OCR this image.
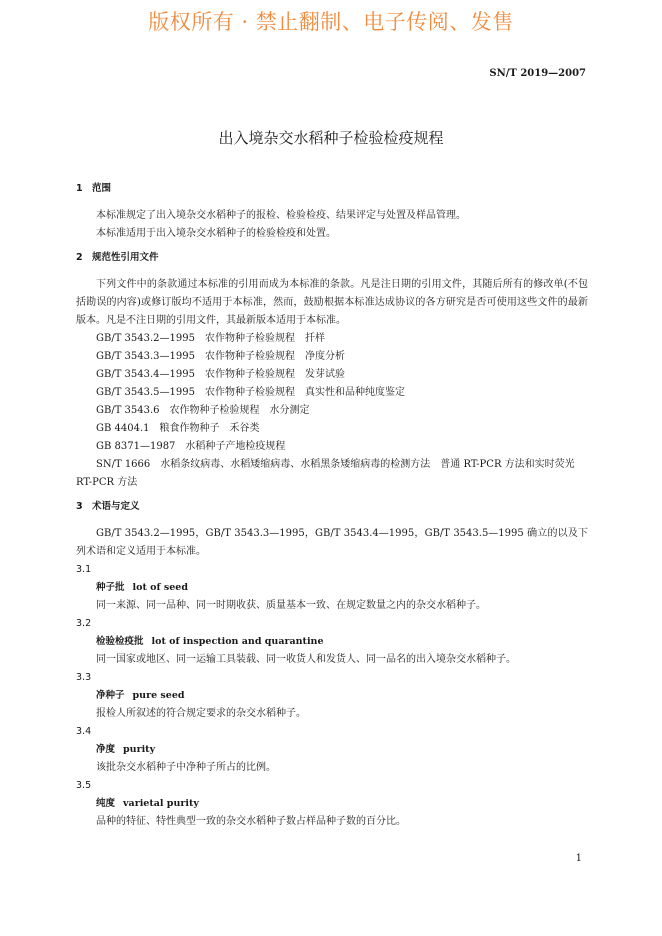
版权所有 · 禁止翻制、电子传阅、发售
SN/T 2019—2007
出入境杂交水稻种子检验检疫规程

1 范围

本标准规定了出入境杂交水稻种子的报检、检验检疫、结果评定与处置及样品管理。

本标准适用于出入境杂交水稻种子的检验检疫和处置。

2 规范性引用文件

下列文件中的条款通过本标准的引用而成为本标准的条款。凡是注日期的引用文件，其随后所有的修改单(不包括勘误的内容)或修订版均不适用于本标准，然而，鼓励根据本标准达成协议的各方研究是否可使用这些文件的最新版本。凡是不注日期的引用文件，其最新版本适用于本标准。

GB/T 3543.2—1995　农作物种子检验规程　扦样

GB/T 3543.3—1995　农作物种子检验规程　净度分析

GB/T 3543.4—1995　农作物种子检验规程　发芽试验

GB/T 3543.5—1995　农作物种子检验规程　真实性和品种纯度鉴定

GB/T 3543.6　农作物种子检验规程　水分测定

GB 4404.1　粮食作物种子　禾谷类

GB 8371—1987　水稻种子产地检疫规程

SN/T 1666　水稻条纹病毒、水稻矮缩病毒、水稻黑条矮缩病毒的检测方法　普通 RT-PCR 方法和实时荧光 RT-PCR 方法

3 术语与定义

GB/T 3543.2—1995，GB/T 3543.3—1995，GB/T 3543.4—1995，GB/T 3543.5—1995 确立的以及下列术语和定义适用于本标准。

3.1

种子批 lot of seed

同一来源、同一品种、同一时期收获、质量基本一致、在规定数量之内的杂交水稻种子。

3.2

检验检疫批 lot of inspection and quarantine

同一国家或地区、同一运输工具装载、同一收货人和发货人、同一品名的出入境杂交水稻种子。

3.3

净种子 pure seed

报检人所叙述的符合规定要求的杂交水稻种子。

3.4

净度 purity

该批杂交水稻种子中净种子所占的比例。

3.5

纯度 varietal purity

品种的特征、特性典型一致的杂交水稻种子数占样品种子数的百分比。

1
